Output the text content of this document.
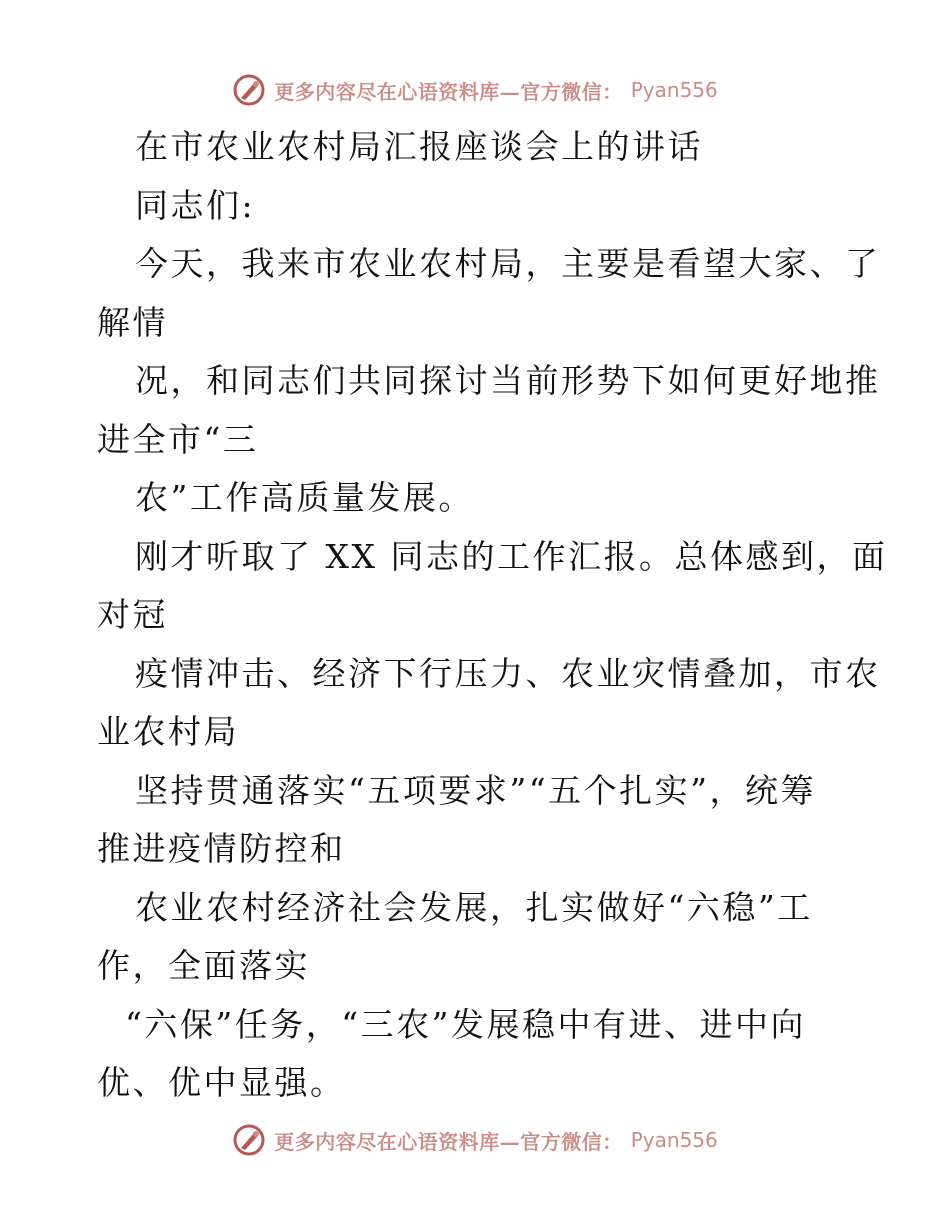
更多内容尽在心语资料库—官方微信： Pyan556
在市农业农村局汇报座谈会上的讲话
同志们:
今天，我来市农业农村局，主要是看望大家、了
解情
况，和同志们共同探讨当前形势下如何更好地推
进全市“三
农”工作高质量发展。
刚才听取了 XX 同志的工作汇报。总体感到，面
对冠
疫情冲击、经济下行压力、农业灾情叠加，市农
业农村局
坚持贯通落实“五项要求”“五个扎实”，统筹
推进疫情防控和
农业农村经济社会发展，扎实做好“六稳”工
作，全面落实
“六保”任务，“三农”发展稳中有进、进中向
优、优中显强。
更多内容尽在心语资料库—官方微信： Pyan556
